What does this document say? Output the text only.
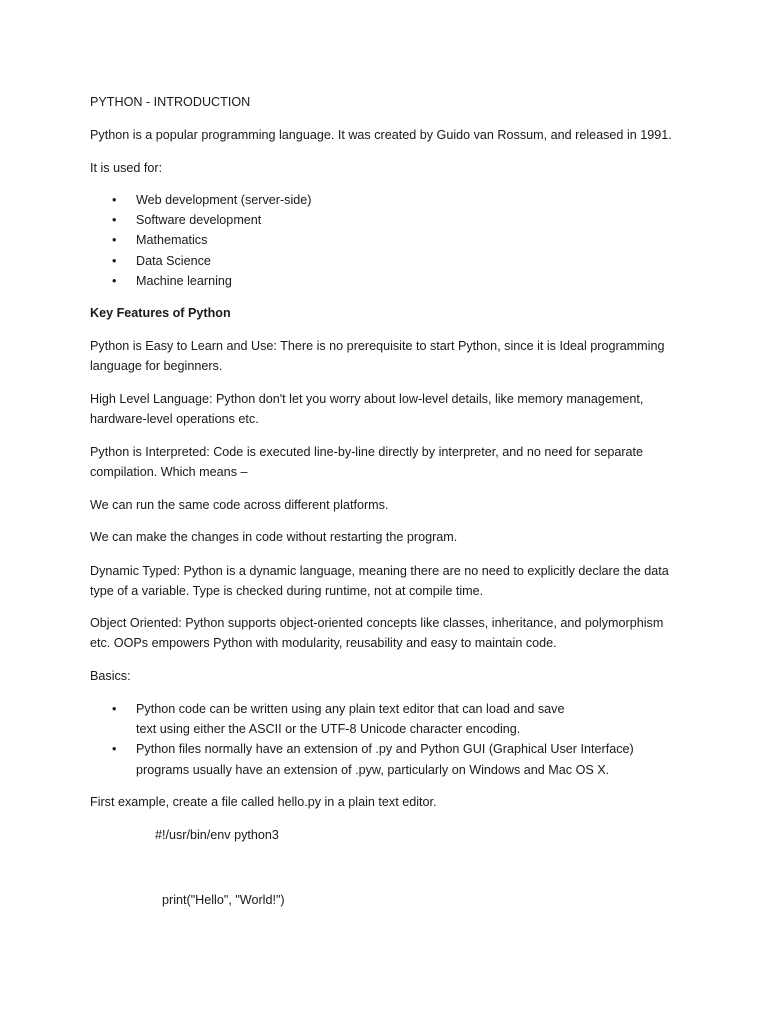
PYTHON - INTRODUCTION

Python is a popular programming language. It was created by Guido van Rossum, and released in 1991.

It is used for:

• Web development (server-side)
• Software development
• Mathematics
• Data Science
• Machine learning

Key Features of Python

Python is Easy to Learn and Use: There is no prerequisite to start Python, since it is Ideal programming

language for beginners.

High Level Language: Python don't let you worry about low-level details, like memory management,

hardware-level operations etc.

Python is Interpreted: Code is executed line-by-line directly by interpreter, and no need for separate

compilation. Which means –

We can run the same code across different platforms.

We can make the changes in code without restarting the program.

Dynamic Typed: Python is a dynamic language, meaning there are no need to explicitly declare the data

type of a variable. Type is checked during runtime, not at compile time.

Object Oriented: Python supports object-oriented concepts like classes, inheritance, and polymorphism

etc. OOPs empowers Python with modularity, reusability and easy to maintain code.

Basics:

• Python code can be written using any plain text editor that can load and save
text using either the ASCII or the UTF-8 Unicode character encoding.
• Python files normally have an extension of .py and Python GUI (Graphical User Interface)
programs usually have an extension of .pyw, particularly on Windows and Mac OS X.

First example, create a file called hello.py in a plain text editor.

#!/usr/bin/env python3
print("Hello", "World!")
